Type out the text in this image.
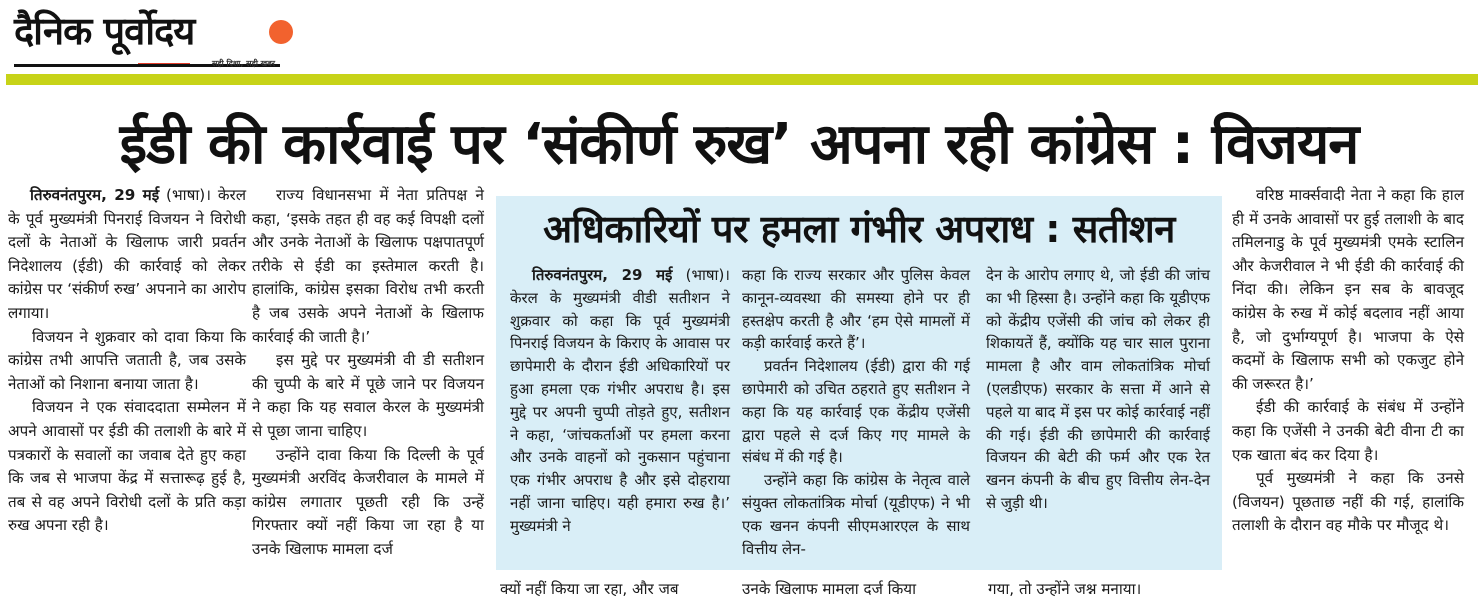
दैनिक पूर्वोदय
सही दिशा, सही खबर
ईडी की कार्रवाई पर ‘संकीर्ण रुख’ अपना रही कांग्रेस : विजयन

तिरुवनंतपुरम, 29 मई (भाषा)। केरल के पूर्व मुख्यमंत्री पिनराई विजयन ने विरोधी दलों के नेताओं के खिलाफ जारी प्रवर्तन निदेशालय (ईडी) की कार्रवाई को लेकर कांग्रेस पर ‘संकीर्ण रुख’ अपनाने का आरोप लगाया।

विजयन ने शुक्रवार को दावा किया कि कांग्रेस तभी आपत्ति जताती है, जब उसके नेताओं को निशाना बनाया जाता है।

विजयन ने एक संवाददाता सम्मेलन में अपने आवासों पर ईडी की तलाशी के बारे में पत्रकारों के सवालों का जवाब देते हुए कहा कि जब से भाजपा केंद्र में सत्तारूढ़ हुई है, तब से वह अपने विरोधी दलों के प्रति कड़ा रुख अपना रही है।

राज्य विधानसभा में नेता प्रतिपक्ष ने कहा, ‘इसके तहत ही वह कई विपक्षी दलों और उनके नेताओं के खिलाफ पक्षपातपूर्ण तरीके से ईडी का इस्तेमाल करती है। हालांकि, कांग्रेस इसका विरोध तभी करती है जब उसके अपने नेताओं के खिलाफ कार्रवाई की जाती है।’

इस मुद्दे पर मुख्यमंत्री वी डी सतीशन की चुप्पी के बारे में पूछे जाने पर विजयन ने कहा कि यह सवाल केरल के मुख्यमंत्री से पूछा जाना चाहिए।

उन्होंने दावा किया कि दिल्ली के पूर्व मुख्यमंत्री अरविंद केजरीवाल के मामले में कांग्रेस लगातार पूछती रही कि उन्हें गिरफ्तार क्यों नहीं किया जा रहा है या उनके खिलाफ मामला दर्ज

अधिकारियों पर हमला गंभीर अपराध : सतीशन

तिरुवनंतपुरम, 29 मई (भाषा)। केरल के मुख्यमंत्री वीडी सतीशन ने शुक्रवार को कहा कि पूर्व मुख्यमंत्री पिनराई विजयन के किराए के आवास पर छापेमारी के दौरान ईडी अधिकारियों पर हुआ हमला एक गंभीर अपराध है। इस मुद्दे पर अपनी चुप्पी तोड़ते हुए, सतीशन ने कहा, ‘जांचकर्ताओं पर हमला करना और उनके वाहनों को नुकसान पहुंचाना एक गंभीर अपराध है और इसे दोहराया नहीं जाना चाहिए। यही हमारा रुख है।’ मुख्यमंत्री ने

कहा कि राज्य सरकार और पुलिस केवल कानून-व्यवस्था की समस्या होने पर ही हस्तक्षेप करती है और ‘हम ऐसे मामलों में कड़ी कार्रवाई करते हैं’।

प्रवर्तन निदेशालय (ईडी) द्वारा की गई छापेमारी को उचित ठहराते हुए सतीशन ने कहा कि यह कार्रवाई एक केंद्रीय एजेंसी द्वारा पहले से दर्ज किए गए मामले के संबंध में की गई है।

उन्होंने कहा कि कांग्रेस के नेतृत्व वाले संयुक्त लोकतांत्रिक मोर्चा (यूडीएफ) ने भी एक खनन कंपनी सीएमआरएल के साथ वित्तीय लेन-

देन के आरोप लगाए थे, जो ईडी की जांच का भी हिस्सा है। उन्होंने कहा कि यूडीएफ को केंद्रीय एजेंसी की जांच को लेकर ही शिकायतें हैं, क्योंकि यह चार साल पुराना मामला है और वाम लोकतांत्रिक मोर्चा (एलडीएफ) सरकार के सत्ता में आने से पहले या बाद में इस पर कोई कार्रवाई नहीं की गई। ईडी की छापेमारी की कार्रवाई विजयन की बेटी की फर्म और एक रेत खनन कंपनी के बीच हुए वित्तीय लेन-देन से जुड़ी थी।

क्यों नहीं किया जा रहा, और जब	उनके खिलाफ मामला दर्ज किया	गया, तो उन्होंने जश्न मनाया।

वरिष्ठ मार्क्सवादी नेता ने कहा कि हाल ही में उनके आवासों पर हुई तलाशी के बाद तमिलनाडु के पूर्व मुख्यमंत्री एमके स्टालिन और केजरीवाल ने भी ईडी की कार्रवाई की निंदा की। लेकिन इन सब के बावजूद कांग्रेस के रुख में कोई बदलाव नहीं आया है, जो दुर्भाग्यपूर्ण है। भाजपा के ऐसे कदमों के खिलाफ सभी को एकजुट होने की जरूरत है।’

ईडी की कार्रवाई के संबंध में उन्होंने कहा कि एजेंसी ने उनकी बेटी वीना टी का एक खाता बंद कर दिया है।

पूर्व मुख्यमंत्री ने कहा कि उनसे (विजयन) पूछताछ नहीं की गई, हालांकि तलाशी के दौरान वह मौके पर मौजूद थे।
